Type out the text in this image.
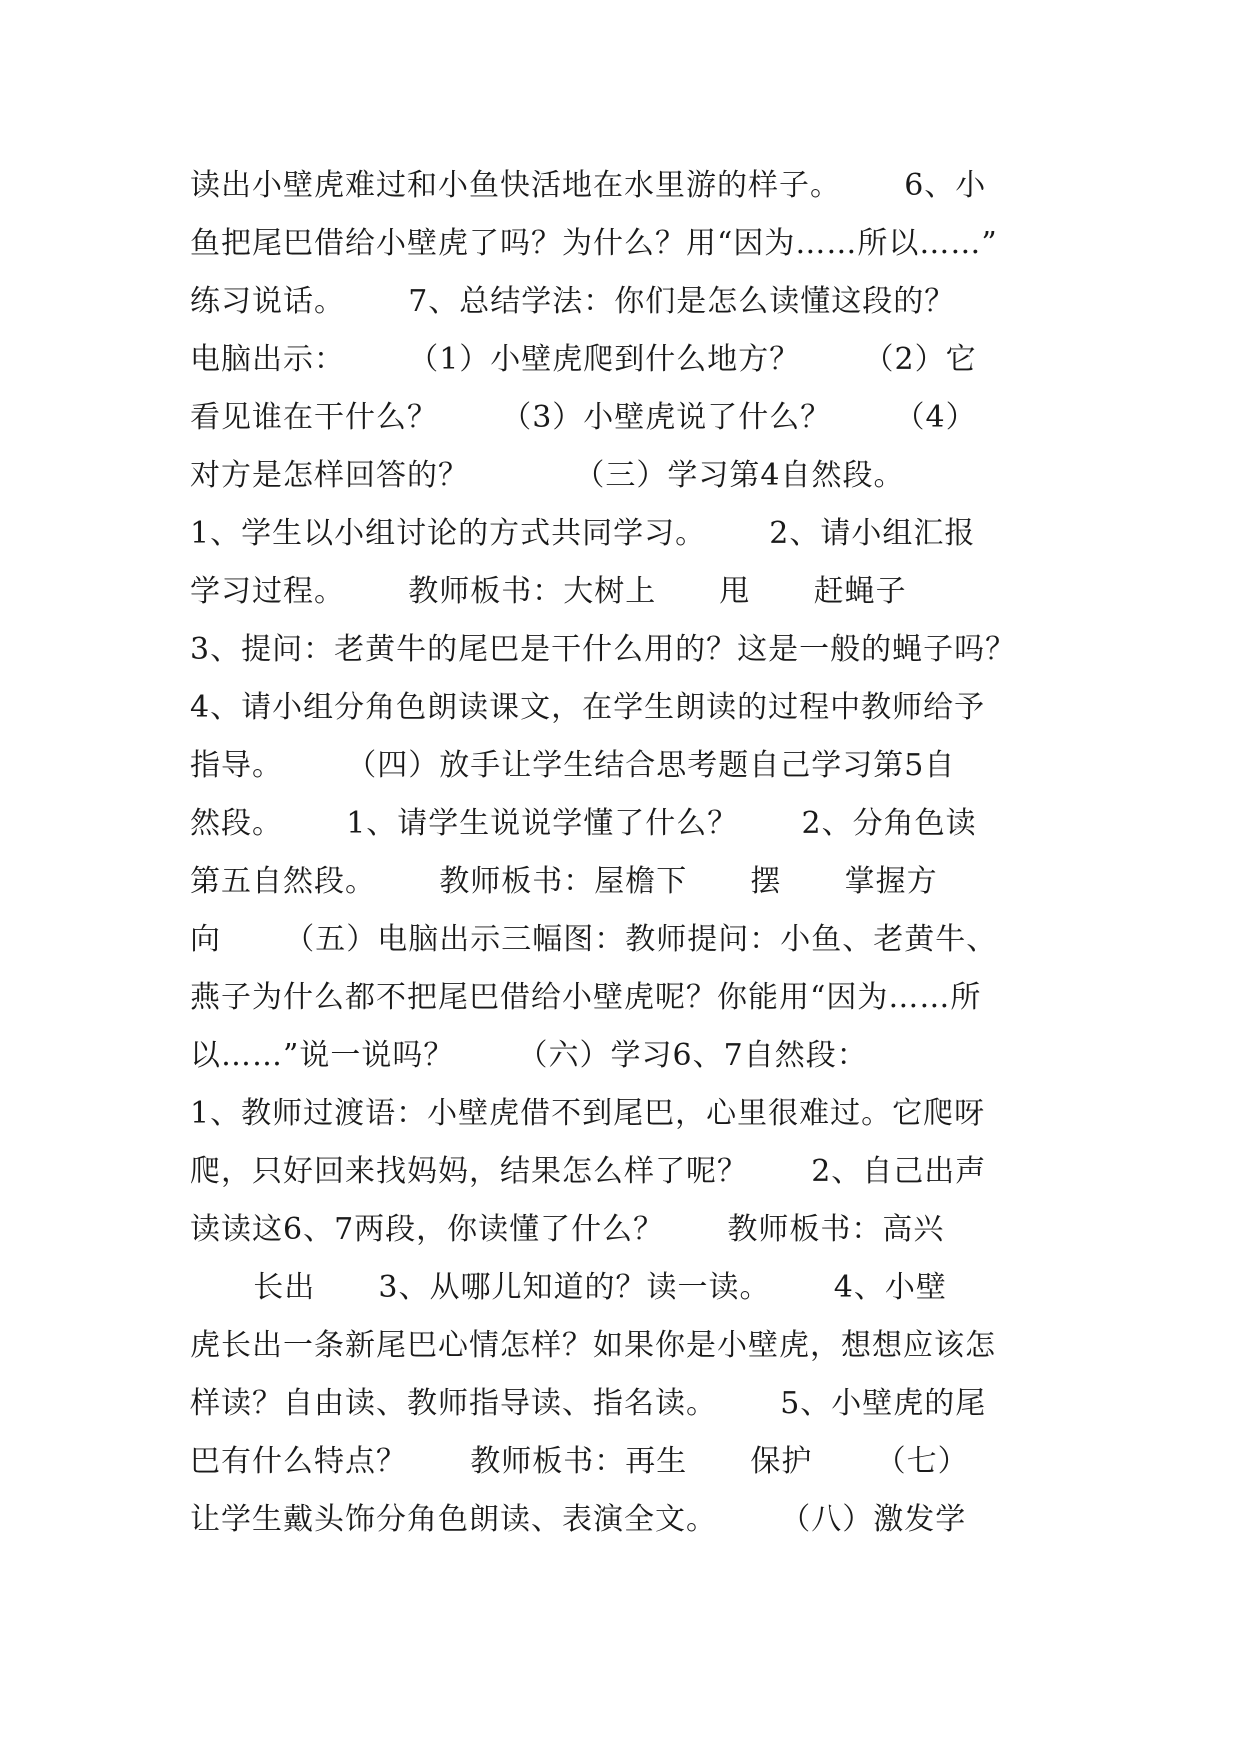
读出小壁虎难过和小鱼快活地在水里游的样子。      6、小
鱼把尾巴借给小壁虎了吗？为什么？用“因为……所以……”
练习说话。      7、总结学法：你们是怎么读懂这段的？
电脑出示：      （1）小壁虎爬到什么地方？      （2）它
看见谁在干什么？      （3）小壁虎说了什么？      （4）
对方是怎样回答的？          （三）学习第4自然段。
1、学生以小组讨论的方式共同学习。      2、请小组汇报
学习过程。      教师板书：大树上      甩      赶蝇子
3、提问：老黄牛的尾巴是干什么用的？这是一般的蝇子吗？
4、请小组分角色朗读课文，在学生朗读的过程中教师给予
指导。      （四）放手让学生结合思考题自己学习第5自
然段。      1、请学生说说学懂了什么？      2、分角色读
第五自然段。      教师板书：屋檐下      摆      掌握方
向      （五）电脑出示三幅图：教师提问：小鱼、老黄牛、
燕子为什么都不把尾巴借给小壁虎呢？你能用“因为……所
以……”说一说吗？      （六）学习6、7自然段：
1、教师过渡语：小壁虎借不到尾巴，心里很难过。它爬呀
爬，只好回来找妈妈，结果怎么样了呢？      2、自己出声
读读这6、7两段，你读懂了什么？      教师板书：高兴
长出      3、从哪儿知道的？读一读。      4、小壁
虎长出一条新尾巴心情怎样？如果你是小壁虎，想想应该怎
样读？自由读、教师指导读、指名读。      5、小壁虎的尾
巴有什么特点？      教师板书：再生      保护      （七）
让学生戴头饰分角色朗读、表演全文。      （八）激发学
